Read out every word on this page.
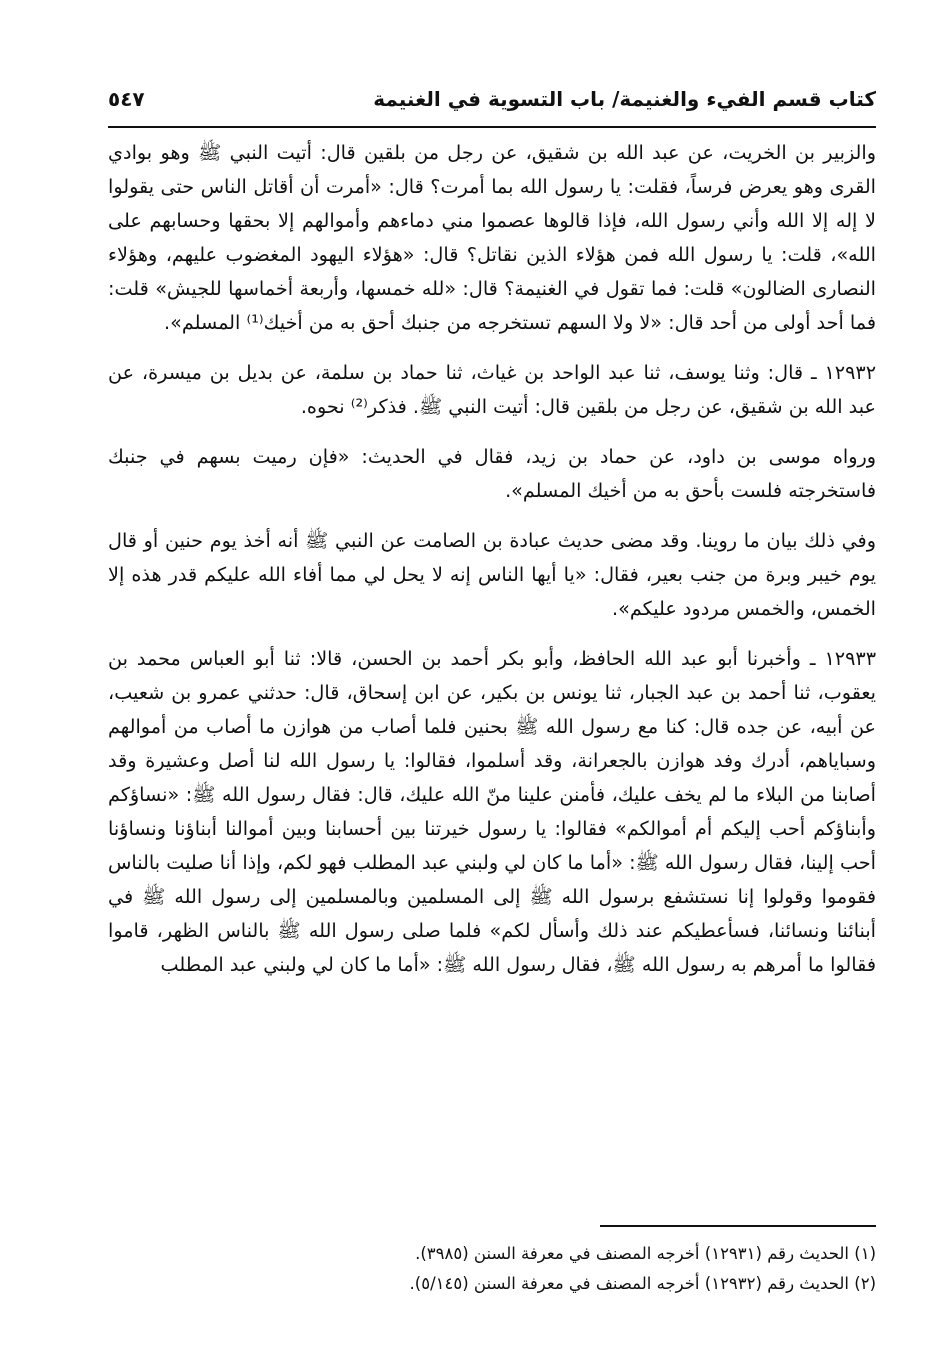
كتاب قسم الفيء والغنيمة/ باب التسوية في الغنيمة
٥٤٧

والزبير بن الخريت، عن عبد الله بن شقيق، عن رجل من بلقين قال: أتيت النبي ﷺ وهو بوادي القرى وهو يعرض فرساً، فقلت: يا رسول الله بما أمرت؟ قال: «أمرت أن أقاتل الناس حتى يقولوا لا إله إلا الله وأني رسول الله، فإذا قالوها عصموا مني دماءهم وأموالهم إلا بحقها وحسابهم على الله»، قلت: يا رسول الله فمن هؤلاء الذين نقاتل؟ قال: «هؤلاء اليهود المغضوب عليهم، وهؤلاء النصارى الضالون» قلت: فما تقول في الغنيمة؟ قال: «لله خمسها، وأربعة أخماسها للجيش» قلت: فما أحد أولى من أحد قال: «لا ولا السهم تستخرجه من جنبك أحق به من أخيك⁽¹⁾ المسلم».

١٢٩٣٢ ـ قال: وثنا يوسف، ثنا عبد الواحد بن غياث، ثنا حماد بن سلمة، عن بديل بن ميسرة، عن عبد الله بن شقيق، عن رجل من بلقين قال: أتيت النبي ﷺ. فذكر⁽²⁾ نحوه.

ورواه موسى بن داود، عن حماد بن زيد، فقال في الحديث: «فإن رميت بسهم في جنبك فاستخرجته فلست بأحق به من أخيك المسلم».

وفي ذلك بيان ما روينا. وقد مضى حديث عبادة بن الصامت عن النبي ﷺ أنه أخذ يوم حنين أو قال يوم خيبر وبرة من جنب بعير، فقال: «يا أيها الناس إنه لا يحل لي مما أفاء الله عليكم قدر هذه إلا الخمس، والخمس مردود عليكم».

١٢٩٣٣ ـ وأخبرنا أبو عبد الله الحافظ، وأبو بكر أحمد بن الحسن، قالا: ثنا أبو العباس محمد بن يعقوب، ثنا أحمد بن عبد الجبار، ثنا يونس بن بكير، عن ابن إسحاق، قال: حدثني عمرو بن شعيب، عن أبيه، عن جده قال: كنا مع رسول الله ﷺ بحنين فلما أصاب من هوازن ما أصاب من أموالهم وسباياهم، أدرك وفد هوازن بالجعرانة، وقد أسلموا، فقالوا: يا رسول الله لنا أصل وعشيرة وقد أصابنا من البلاء ما لم يخف عليك، فأمنن علينا منّ الله عليك، قال: فقال رسول الله ﷺ: «نساؤكم وأبناؤكم أحب إليكم أم أموالكم» فقالوا: يا رسول خيرتنا بين أحسابنا وبين أموالنا أبناؤنا ونساؤنا أحب إلينا، فقال رسول الله ﷺ: «أما ما كان لي ولبني عبد المطلب فهو لكم، وإذا أنا صليت بالناس فقوموا وقولوا إنا نستشفع برسول الله ﷺ إلى المسلمين وبالمسلمين إلى رسول الله ﷺ في أبنائنا ونسائنا، فسأعطيكم عند ذلك وأسأل لكم» فلما صلى رسول الله ﷺ بالناس الظهر، قاموا فقالوا ما أمرهم به رسول الله ﷺ، فقال رسول الله ﷺ: «أما ما كان لي ولبني عبد المطلب

(١) الحديث رقم (١٢٩٣١) أخرجه المصنف في معرفة السنن (٣٩٨٥).
(٢) الحديث رقم (١٢٩٣٢) أخرجه المصنف في معرفة السنن (٥/١٤٥).
